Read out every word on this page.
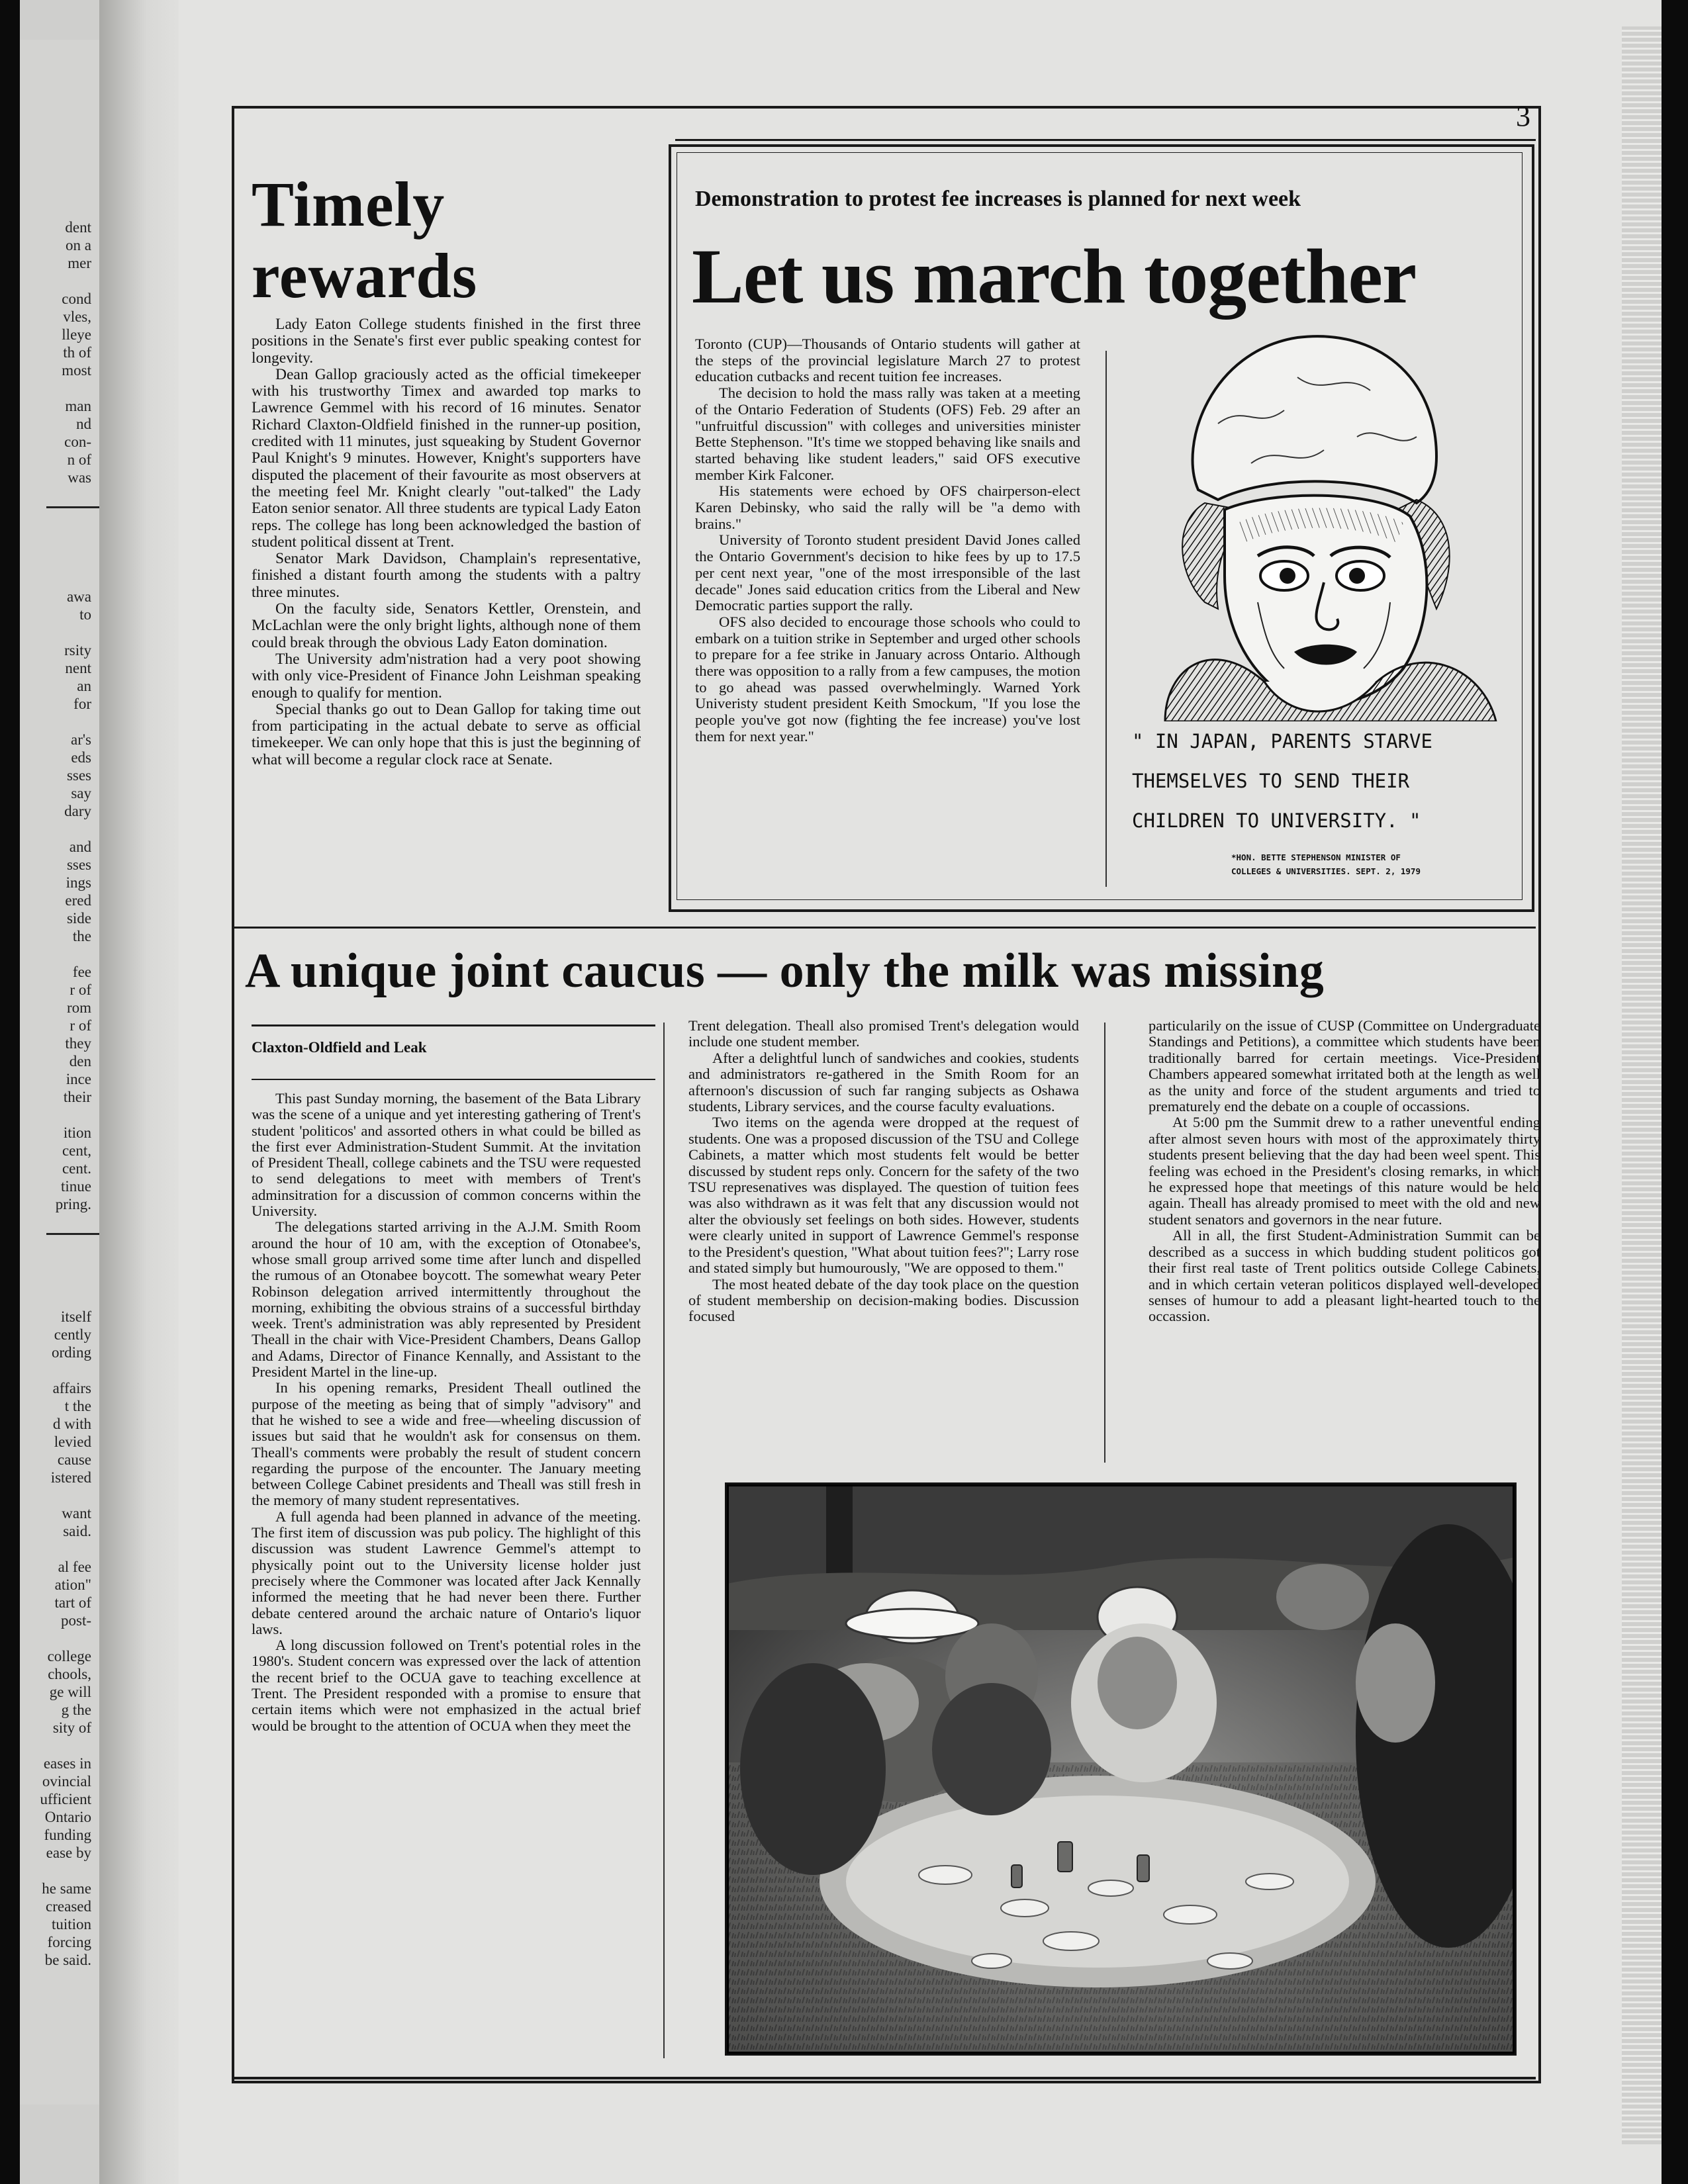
dent
on a
mer

cond
vles,
lleye
th of
most

man
nd
con-
n of
was
awa
to

rsity
nent
an
for

ar's
eds
sses
say
dary

and
sses
ings
ered
side
the

fee
r of
rom
r of
they
den
ince
their

ition
cent,
cent.
tinue
pring.
itself
cently
ording

affairs
t the
d with
levied
cause
istered

want
said.

al fee
ation"
tart of
post-

college
chools,
ge will
g the
sity of

eases in
ovincial
ufficient
Ontario
funding
ease by

he same
creased
tuition
forcing
be said.
3
Timely rewards

Lady Eaton College students finished in the first three positions in the Senate's first ever public speaking contest for longevity.

Dean Gallop graciously acted as the official timekeeper with his trustworthy Timex and awarded top marks to Lawrence Gemmel with his record of 16 minutes. Senator Richard Claxton-Oldfield finished in the runner-up position, credited with 11 minutes, just squeaking by Student Governor Paul Knight's 9 minutes. However, Knight's supporters have disputed the placement of their favourite as most observers at the meeting feel Mr. Knight clearly "out-talked" the Lady Eaton senior senator. All three students are typical Lady Eaton reps. The college has long been acknowledged the bastion of student political dissent at Trent.

Senator Mark Davidson, Champlain's representative, finished a distant fourth among the students with a paltry three minutes.

On the faculty side, Senators Kettler, Orenstein, and McLachlan were the only bright lights, although none of them could break through the obvious Lady Eaton domination.

The University adm'nistration had a very poot showing with only vice-President of Finance John Leishman speaking enough to qualify for mention.

Special thanks go out to Dean Gallop for taking time out from participating in the actual debate to serve as official timekeeper. We can only hope that this is just the beginning of what will become a regular clock race at Senate.

Demonstration to protest fee increases is planned for next week
Let us march together

Toronto (CUP)—Thousands of Ontario students will gather at the steps of the provincial legislature March 27 to protest education cutbacks and recent tuition fee increases.

The decision to hold the mass rally was taken at a meeting of the Ontario Federation of Students (OFS) Feb. 29 after an "unfruitful discussion" with colleges and universities minister Bette Stephenson. "It's time we stopped behaving like snails and started behaving like student leaders," said OFS executive member Kirk Falconer.

His statements were echoed by OFS chairperson-elect Karen Debinsky, who said the rally will be "a demo with brains."

University of Toronto student president David Jones called the Ontario Government's decision to hike fees by up to 17.5 per cent next year, "one of the most irresponsible of the last decade" Jones said education critics from the Liberal and New Democratic parties support the rally.

OFS also decided to encourage those schools who could to embark on a tuition strike in September and urged other schools to prepare for a fee strike in January across Ontario. Although there was opposition to a rally from a few campuses, the motion to go ahead was passed overwhelmingly. Warned York Univeristy student president Keith Smockum, "If you lose the people you've got now (fighting the fee increase) you've lost them for next year."	" IN JAPAN, PARENTS STARVE THEMSELVES TO SEND THEIR CHILDREN TO UNIVERSITY. "
*HON. BETTE STEPHENSON MINISTER OF COLLEGES & UNIVERSITIES. SEPT. 2, 1979
A unique joint caucus — only the milk was missing
Claxton-Oldfield and Leak

This past Sunday morning, the basement of the Bata Library was the scene of a unique and yet interesting gathering of Trent's student 'politicos' and assorted others in what could be billed as the first ever Administration-Student Summit. At the invitation of President Theall, college cabinets and the TSU were requested to send delegations to meet with members of Trent's adminsitration for a discussion of common concerns within the University.

The delegations started arriving in the A.J.M. Smith Room around the hour of 10 am, with the exception of Otonabee's, whose small group arrived some time after lunch and dispelled the rumous of an Otonabee boycott. The somewhat weary Peter Robinson delegation arrived intermittently throughout the morning, exhibiting the obvious strains of a successful birthday week. Trent's administration was ably represented by President Theall in the chair with Vice-President Chambers, Deans Gallop and Adams, Director of Finance Kennally, and Assistant to the President Martel in the line-up.

In his opening remarks, President Theall outlined the purpose of the meeting as being that of simply "advisory" and that he wished to see a wide and free—wheeling discussion of issues but said that he wouldn't ask for consensus on them. Theall's comments were probably the result of student concern regarding the purpose of the encounter. The January meeting between College Cabinet presidents and Theall was still fresh in the memory of many student representatives.

A full agenda had been planned in advance of the meeting. The first item of discussion was pub policy. The highlight of this discussion was student Lawrence Gemmel's attempt to physically point out to the University license holder just precisely where the Commoner was located after Jack Kennally informed the meeting that he had never been there. Further debate centered around the archaic nature of Ontario's liquor laws.

A long discussion followed on Trent's potential roles in the 1980's. Student concern was expressed over the lack of attention the recent brief to the OCUA gave to teaching excellence at Trent. The President responded with a promise to ensure that certain items which were not emphasized in the actual brief would be brought to the attention of OCUA when they meet the

Trent delegation. Theall also promised Trent's delegation would include one student member.

After a delightful lunch of sandwiches and cookies, students and administrators re-gathered in the Smith Room for an afternoon's discussion of such far ranging subjects as Oshawa students, Library services, and the course faculty evaluations.

Two items on the agenda were dropped at the request of students. One was a proposed discussion of the TSU and College Cabinets, a matter which most students felt would be better discussed by student reps only. Concern for the safety of the two TSU represenatives was displayed. The question of tuition fees was also withdrawn as it was felt that any discussion would not alter the obviously set feelings on both sides. However, students were clearly united in support of Lawrence Gemmel's response to the President's question, "What about tuition fees?"; Larry rose and stated simply but humourously, "We are opposed to them."

The most heated debate of the day took place on the question of student membership on decision-making bodies. Discussion focused

particularily on the issue of CUSP (Committee on Undergraduate Standings and Petitions), a committee which students have been traditionally barred for certain meetings. Vice-President Chambers appeared somewhat irritated both at the length as well as the unity and force of the student arguments and tried to prematurely end the debate on a couple of occassions.

At 5:00 pm the Summit drew to a rather uneventful ending after almost seven hours with most of the approximately thirty students present believing that the day had been weel spent. This feeling was echoed in the President's closing remarks, in which he expressed hope that meetings of this nature would be held again. Theall has already promised to meet with the old and new student senators and governors in the near future.

All in all, the first Student-Administration Summit can be described as a success in which budding student politicos got their first real taste of Trent politics outside College Cabinets, and in which certain veteran politicos displayed well-developed senses of humour to add a pleasant light-hearted touch to the occassion.
